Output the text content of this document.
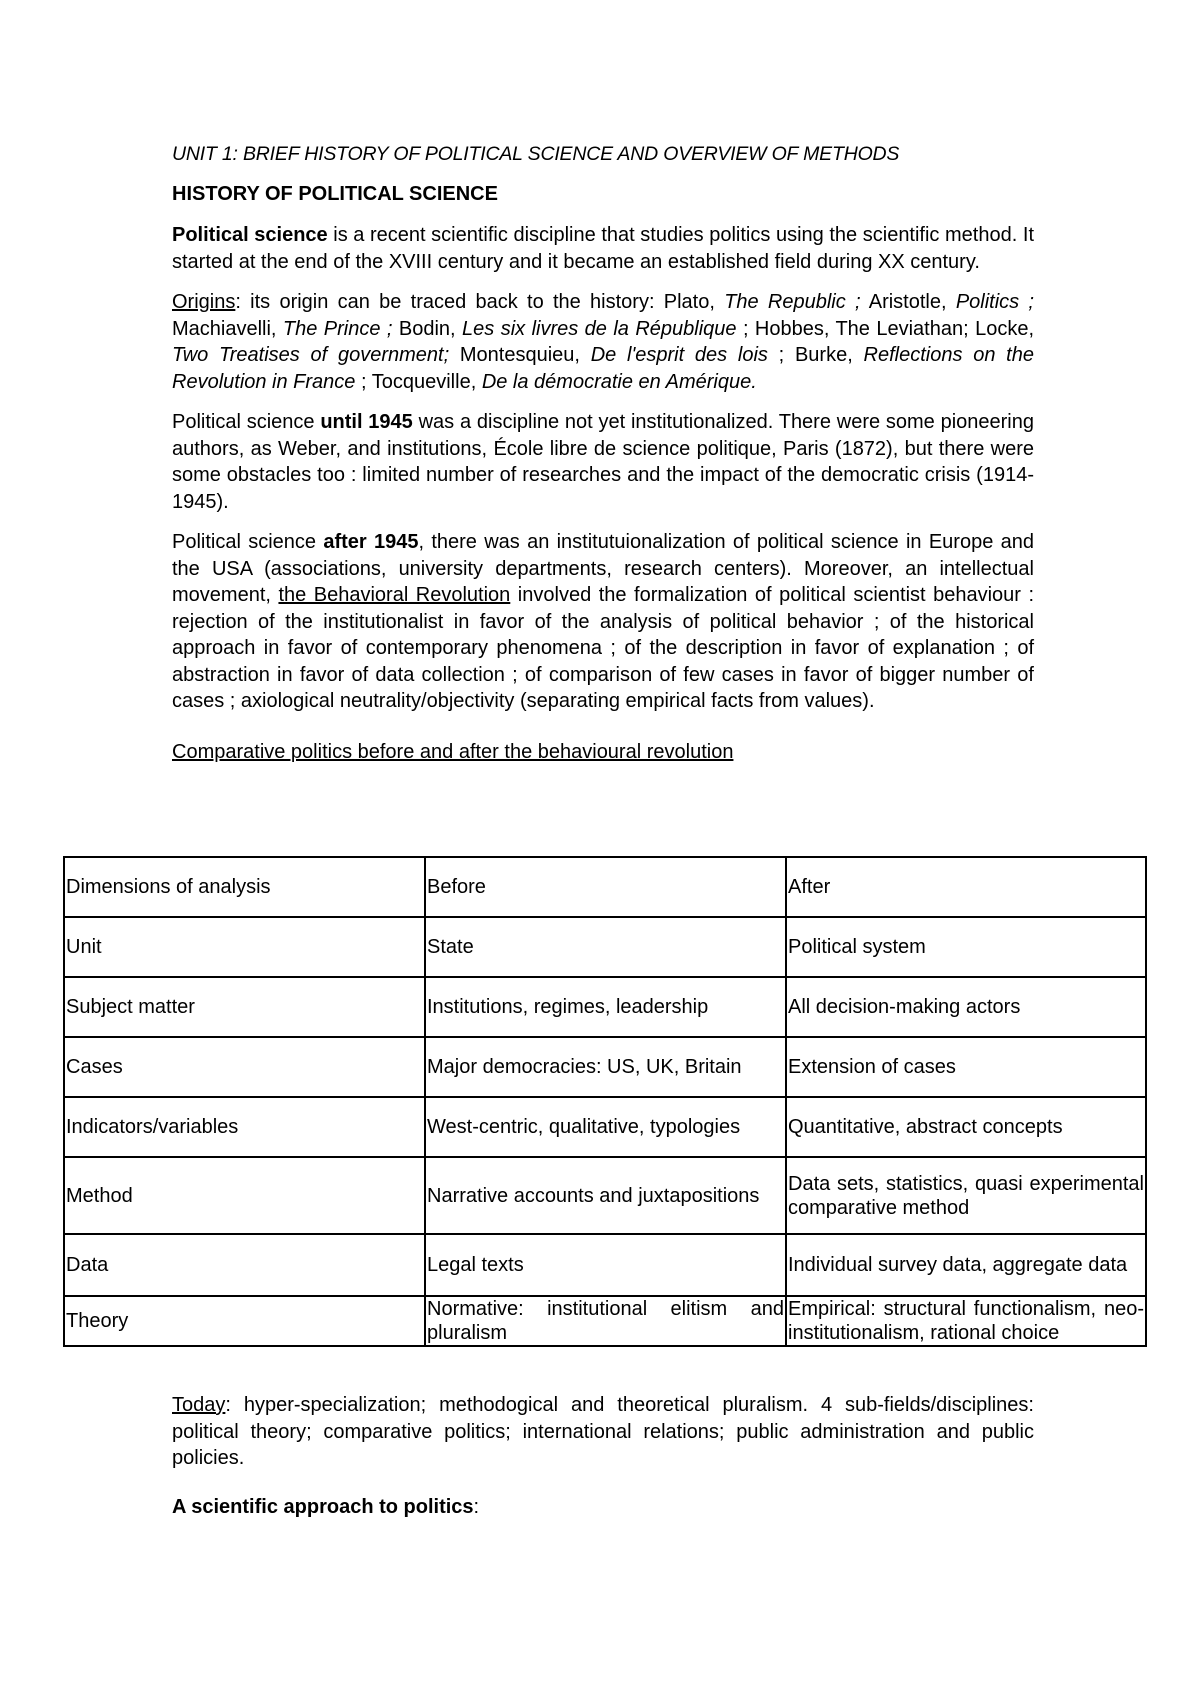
UNIT 1: BRIEF HISTORY OF POLITICAL SCIENCE AND OVERVIEW OF METHODS

HISTORY OF POLITICAL SCIENCE

Political science is a recent scientific discipline that studies politics using the scientific method. It started at the end of the XVIII century and it became an established field during XX century.

Origins: its origin can be traced back to the history: Plato, The Republic ; Aristotle, Politics ; Machiavelli, The Prince ; Bodin, Les six livres de la République ; Hobbes, The Leviathan; Locke, Two Treatises of government; Montesquieu, De l'esprit des lois ; Burke, Reflections on the Revolution in France ; Tocqueville, De la démocratie en Amérique.

Political science until 1945 was a discipline not yet institutionalized. There were some pioneering authors, as Weber, and institutions, École libre de science politique, Paris (1872), but there were some obstacles too : limited number of researches and the impact of the democratic crisis (1914-1945).

Political science after 1945, there was an institutuionalization of political science in Europe and the USA (associations, university departments, research centers). Moreover, an intellectual movement, the Behavioral Revolution involved the formalization of political scientist behaviour : rejection of the institutionalist in favor of the analysis of political behavior ; of the historical approach in favor of contemporary phenomena ; of the description in favor of explanation ; of abstraction in favor of data collection ; of comparison of few cases in favor of bigger number of cases ; axiological neutrality/objectivity (separating empirical facts from values).

Comparative politics before and after the behavioural revolution

Dimensions of analysis	Before	After
Unit	State	Political system
Subject matter	Institutions, regimes, leadership	All decision-making actors
Cases	Major democracies: US, UK, Britain	Extension of cases
Indicators/variables	West-centric, qualitative, typologies	Quantitative, abstract concepts
Method	Narrative accounts and juxtapositions	Data sets, statistics, quasi experimental comparative method
Data	Legal texts	Individual survey data, aggregate data
Theory	Normative: institutional elitism and pluralism	Empirical: structural functionalism, neo-institutionalism, rational choice

Today: hyper-specialization; methodogical and theoretical pluralism. 4 sub-fields/disciplines: political theory; comparative politics; international relations; public administration and public policies.

A scientific approach to politics:
